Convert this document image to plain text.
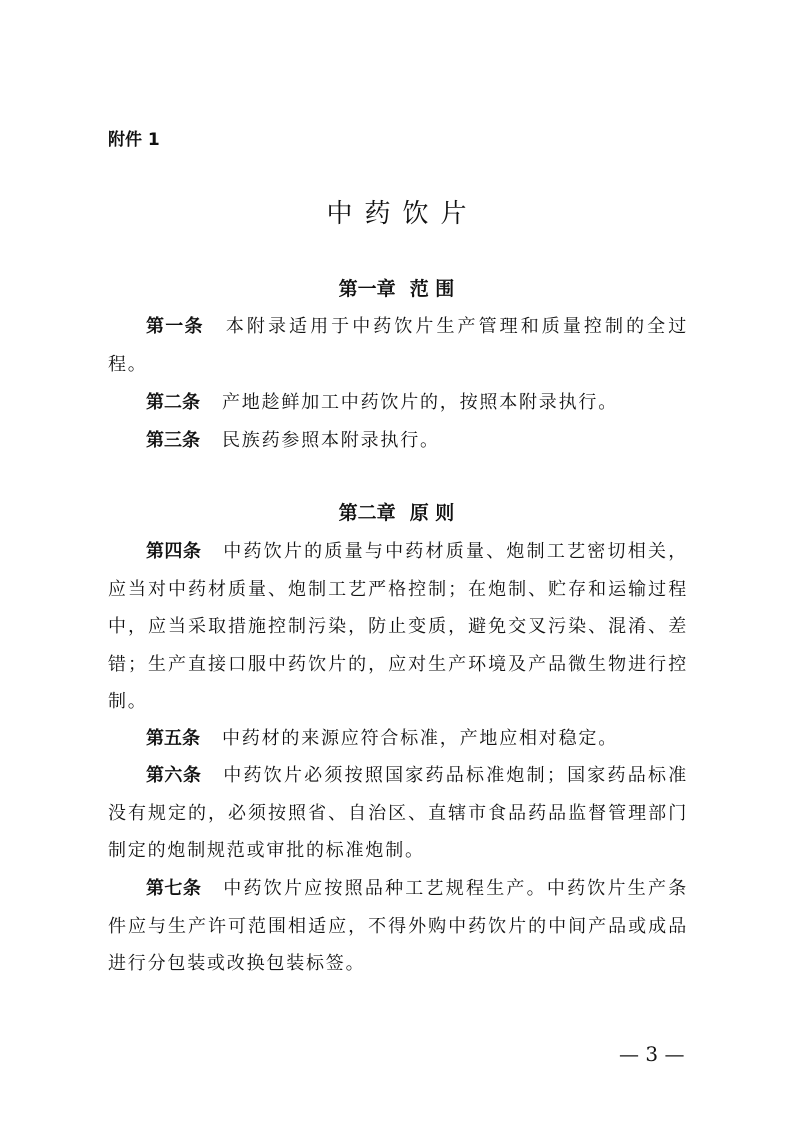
附件 1
中药饮片
第一章 范 围

第一条 本附录适用于中药饮片生产管理和质量控制的全过程。

第二条 产地趁鲜加工中药饮片的，按照本附录执行。

第三条 民族药参照本附录执行。

第二章 原 则

第四条 中药饮片的质量与中药材质量、炮制工艺密切相关，应当对中药材质量、炮制工艺严格控制；在炮制、贮存和运输过程中，应当采取措施控制污染，防止变质，避免交叉污染、混淆、差错；生产直接口服中药饮片的，应对生产环境及产品微生物进行控制。

第五条 中药材的来源应符合标准，产地应相对稳定。

第六条 中药饮片必须按照国家药品标准炮制；国家药品标准没有规定的，必须按照省、自治区、直辖市食品药品监督管理部门制定的炮制规范或审批的标准炮制。

第七条 中药饮片应按照品种工艺规程生产。中药饮片生产条件应与生产许可范围相适应，不得外购中药饮片的中间产品或成品进行分包装或改换包装标签。

— 3 —
